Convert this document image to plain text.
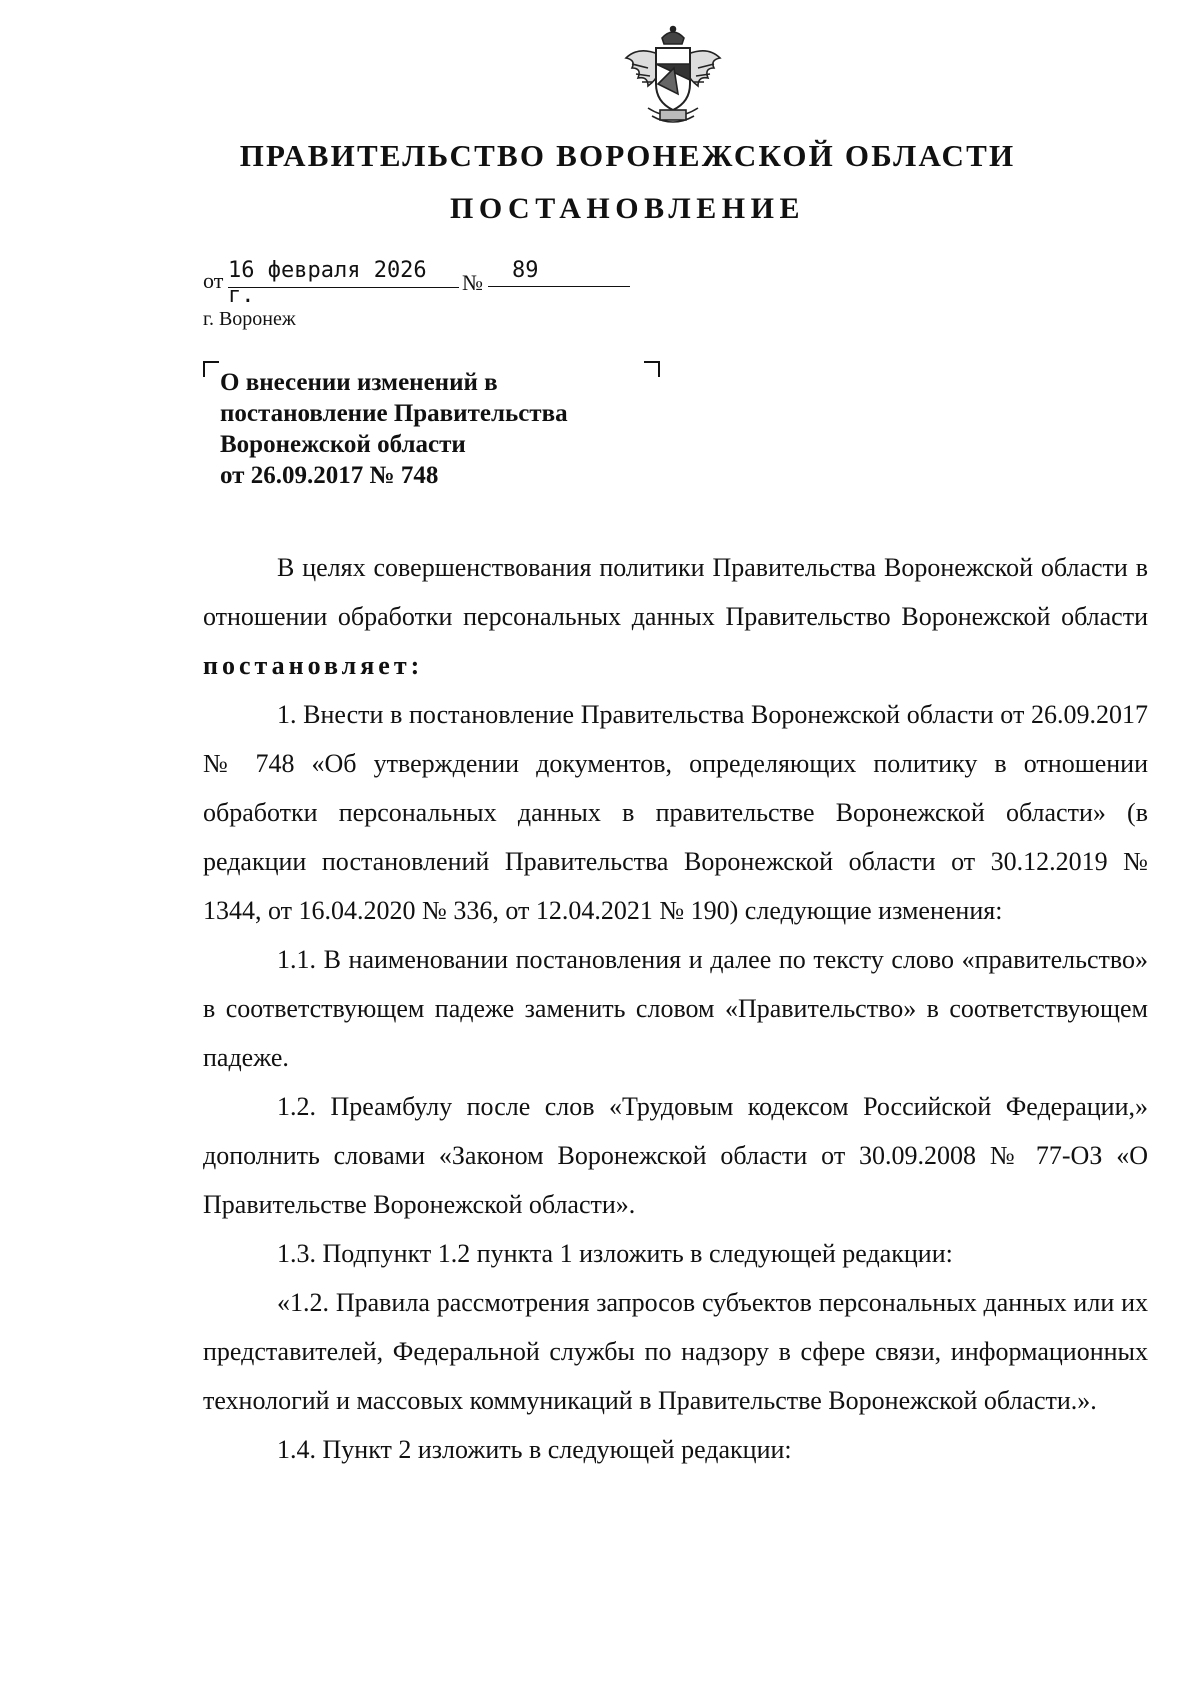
ПРАВИТЕЛЬСТВО ВОРОНЕЖСКОЙ ОБЛАСТИ
ПОСТАНОВЛЕНИЕ
от 16 февраля 2026 г.
№	89
г. Воронеж
О внесении изменений в
постановление Правительства
Воронежской области
от 26.09.2017 № 748

В целях совершенствования политики Правительства Воронежской области в отношении обработки персональных данных Правительство Воронежской области постановляет:

1. Внести в постановление Правительства Воронежской области от 26.09.2017 № 748 «Об утверждении документов, определяющих политику в отношении обработки персональных данных в правительстве Воронежской области» (в редакции постановлений Правительства Воронежской области от 30.12.2019 № 1344, от 16.04.2020 № 336, от 12.04.2021 № 190) следующие изменения:

1.1. В наименовании постановления и далее по тексту слово «правительство» в соответствующем падеже заменить словом «Правительство» в соответствующем падеже.

1.2. Преамбулу после слов «Трудовым кодексом Российской Федерации,» дополнить словами «Законом Воронежской области от 30.09.2008 № 77-ОЗ «О Правительстве Воронежской области».

1.3. Подпункт 1.2 пункта 1 изложить в следующей редакции:

«1.2. Правила рассмотрения запросов субъектов персональных данных или их представителей, Федеральной службы по надзору в сфере связи, информационных технологий и массовых коммуникаций в Правительстве Воронежской области.».

1.4. Пункт 2 изложить в следующей редакции:
